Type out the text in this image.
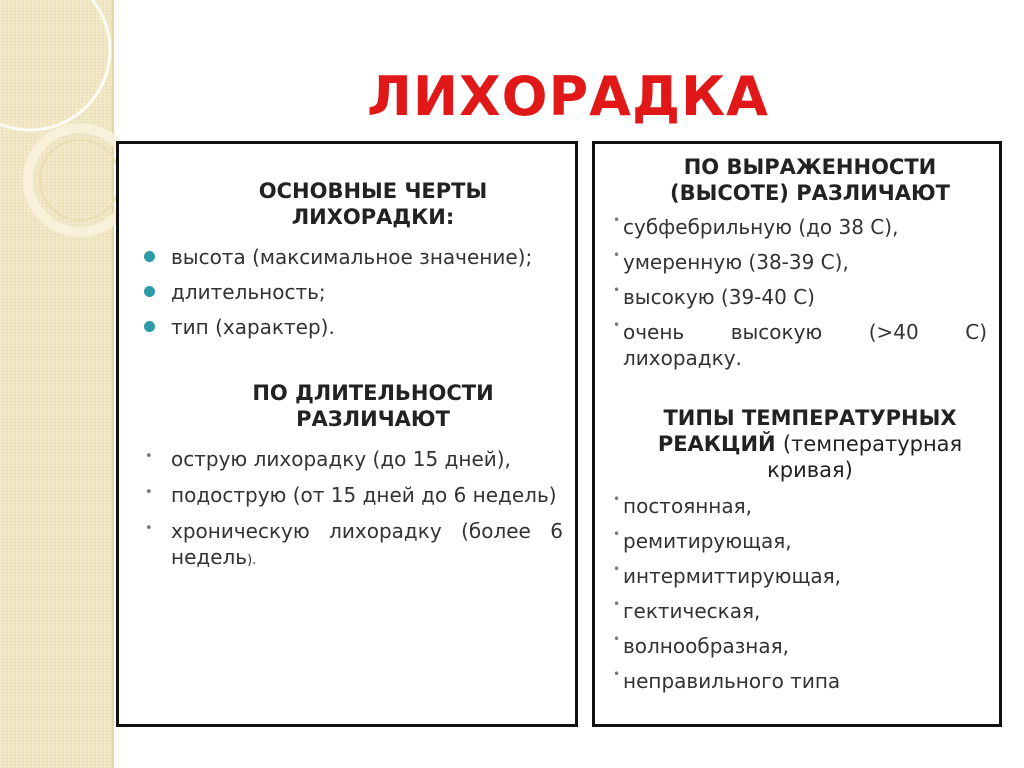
ЛИХОРАДКА
ОСНОВНЫЕ ЧЕРТЫ ЛИХОРАДКИ:
высота (максимальное значение);
длительность;
тип (характер).
ПО ДЛИТЕЛЬНОСТИ РАЗЛИЧАЮТ
• острую лихорадку (до 15 дней),
• подострую (от 15 дней до 6 недель)
• хроническую лихорадку (более 6 недель).
ПО ВЫРАЖЕННОСТИ (ВЫСОТЕ) РАЗЛИЧАЮТ
• субфебрильную (до 38 С),
• умеренную (38-39 С),
• высокую (39-40 С)
• очень высокую (>40 С) лихорадку.
ТИПЫ ТЕМПЕРАТУРНЫХ РЕАКЦИЙ (температурная кривая)
• постоянная,
• ремитирующая,
• интермиттирующая,
• гектическая,
• волнообразная,
• неправильного типа
